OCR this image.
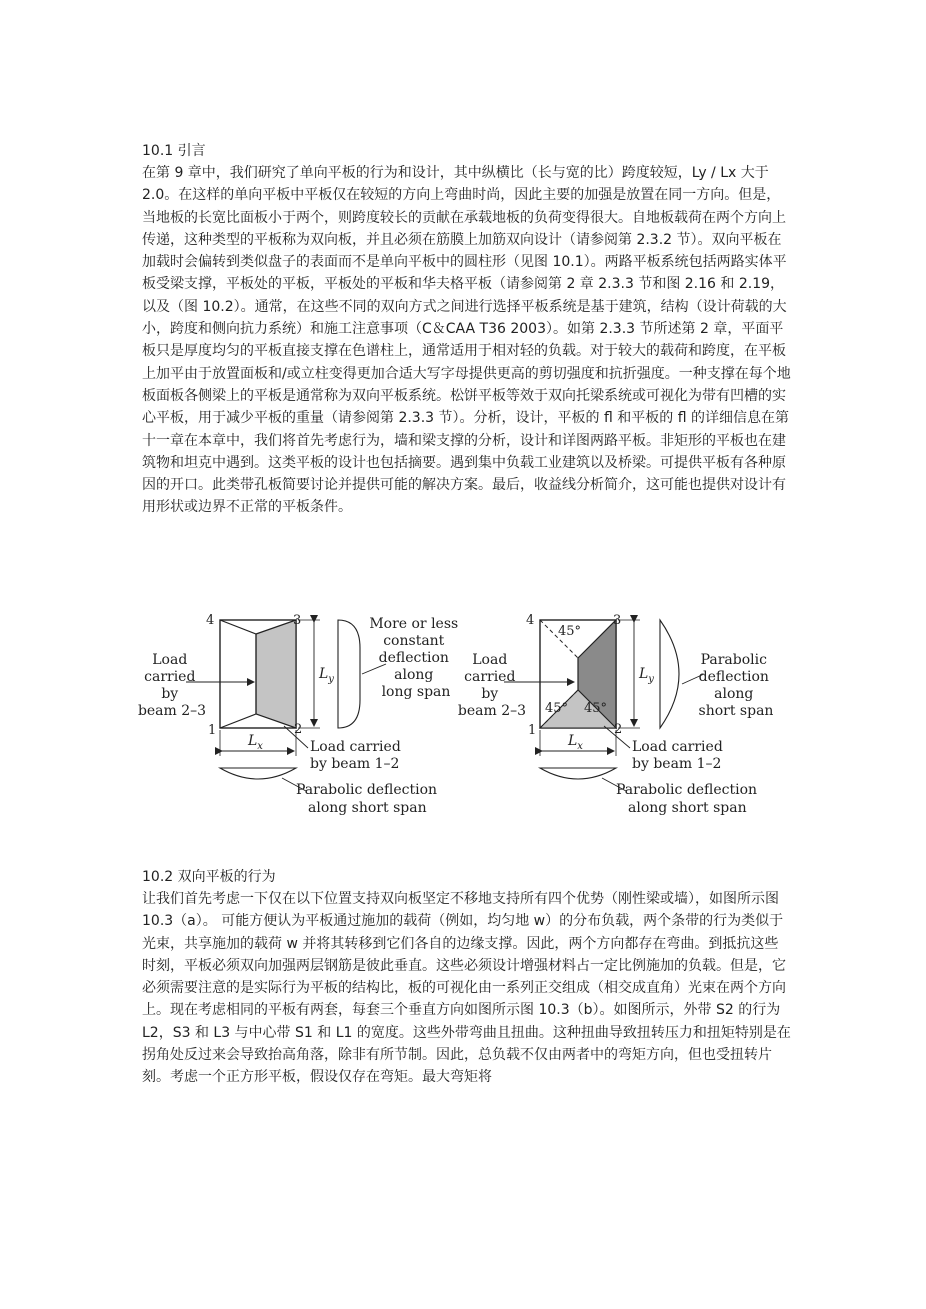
10.1 引言
在第 9 章中，我们研究了单向平板的行为和设计，其中纵横比（长与宽的比）跨度较短，Ly / Lx 大于 2.0。在这样的单向平板中平板仅在较短的方向上弯曲时尚，因此主要的加强是放置在同一方向。但是，当地板的长宽比面板小于两个，则跨度较长的贡献在承载地板的负荷变得很大。自地板载荷在两个方向上传递，这种类型的平板称为双向板，并且必须在筋膜上加筋双向设计（请参阅第 2.3.2 节）。双向平板在加载时会偏转到类似盘子的表面而不是单向平板中的圆柱形（见图 10.1）。两路平板系统包括两路实体平板受梁支撑，平板处的平板，平板处的平板和华夫格平板（请参阅第 2 章 2.3.3 节和图 2.16 和 2.19，以及（图 10.2）。通常，在这些不同的双向方式之间进行选择平板系统是基于建筑，结构（设计荷载的大小，跨度和侧向抗力系统）和施工注意事项（C＆CAA T36 2003）。如第 2.3.3 节所述第 2 章，平面平板只是厚度均匀的平板直接支撑在色谱柱上，通常适用于相对轻的负载。对于较大的载荷和跨度，在平板上加平由于放置面板和/或立柱变得更加合适大写字母提供更高的剪切强度和抗折强度。一种支撑在每个地板面板各侧梁上的平板是通常称为双向平板系统。松饼平板等效于双向托梁系统或可视化为带有凹槽的实心平板，用于减少平板的重量（请参阅第 2.3.3 节）。分析，设计，平板的 fl 和平板的 fl 的详细信息在第十一章在本章中，我们将首先考虑行为，墙和梁支撑的分析，设计和详图两路平板。非矩形的平板也在建筑物和坦克中遇到。这类平板的设计也包括摘要。遇到集中负载工业建筑以及桥梁。可提供平板有各种原因的开口。此类带孔板简要讨论并提供可能的解决方案。最后，收益线分析简介，这可能也提供对设计有用形状或边界不正常的平板条件。
4	3
1	2
Load carried by beam 2–3
$L_y$
$L_x$	Load carried by beam 1–2
Parabolic deflection along short span
More or less constant deflection along long span
45°
45° 45°
4	3
1	2
Load carried by beam 2–3
$L_y$
$L_x$	Load carried by beam 1–2
Parabolic deflection along short span
Parabolic deflection along short span
10.2 双向平板的行为
让我们首先考虑一下仅在以下位置支持双向板坚定不移地支持所有四个优势（刚性梁或墙），如图所示图 10.3（a）。 可能方便认为平板通过施加的载荷（例如，均匀地 w）的分布负载，两个条带的行为类似于光束，共享施加的载荷 w 并将其转移到它们各自的边缘支撑。因此，两个方向都存在弯曲。到抵抗这些时刻，平板必须双向加强两层钢筋是彼此垂直。这些必须设计增强材料占一定比例施加的负载。但是，它必须需要注意的是实际行为平板的结构比，板的可视化由一系列正交组成（相交成直角）光束在两个方向上。现在考虑相同的平板有两套，每套三个垂直方向如图所示图 10.3（b）。如图所示，外带 S2 的行为 L2，S3 和 L3 与中心带 S1 和 L1 的宽度。这些外带弯曲且扭曲。这种扭曲导致扭转压力和扭矩特别是在拐角处反过来会导致抬高角落，除非有所节制。因此，总负载不仅由两者中的弯矩方向，但也受扭转片刻。考虑一个正方形平板，假设仅存在弯矩。最大弯矩将
